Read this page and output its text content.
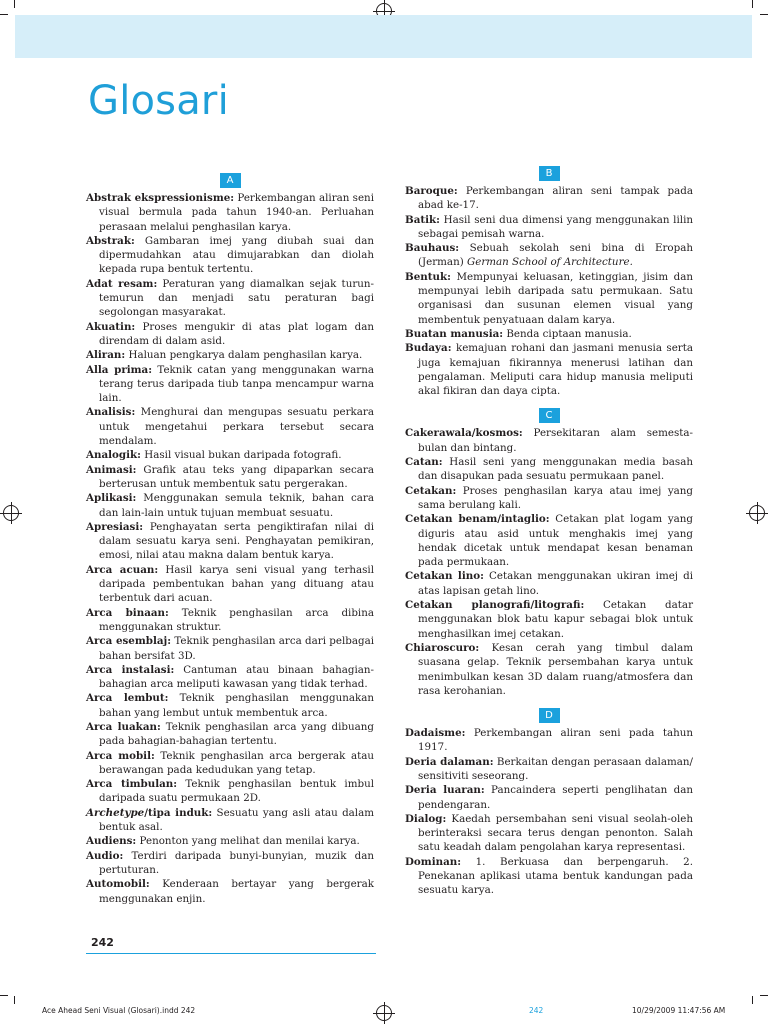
Glosari
A

Abstrak ekspressionisme: Perkembangan aliran seni visual bermula pada tahun 1940-an. Perluahan perasaan melalui penghasilan karya.

Abstrak: Gambaran imej yang diubah suai dan dipermudahkan atau dimujarabkan dan diolah kepada rupa bentuk tertentu.

Adat resam: Peraturan yang diamalkan sejak turun-temurun dan menjadi satu peraturan bagi segolongan masyarakat.

Akuatin: Proses mengukir di atas plat logam dan direndam di dalam asid.

Aliran: Haluan pengkarya dalam penghasilan karya.

Alla prima: Teknik catan yang menggunakan warna terang terus daripada tiub tanpa mencampur warna lain.

Analisis: Menghurai dan mengupas sesuatu perkara untuk mengetahui perkara tersebut secara mendalam.

Analogik: Hasil visual bukan daripada fotografi.

Animasi: Grafik atau teks yang dipaparkan secara berterusan untuk membentuk satu pergerakan.

Aplikasi: Menggunakan semula teknik, bahan cara dan lain-lain untuk tujuan membuat sesuatu.

Apresiasi: Penghayatan serta pengiktirafan nilai di dalam sesuatu karya seni. Penghayatan pemikiran, emosi, nilai atau makna dalam bentuk karya.

Arca acuan: Hasil karya seni visual yang terhasil daripada pembentukan bahan yang dituang atau terbentuk dari acuan.

Arca binaan: Teknik penghasilan arca dibina menggunakan struktur.

Arca esemblaj: Teknik penghasilan arca dari pelbagai bahan bersifat 3D.

Arca instalasi: Cantuman atau binaan bahagian-bahagian arca meliputi kawasan yang tidak terhad.

Arca lembut: Teknik penghasilan menggunakan bahan yang lembut untuk membentuk arca.

Arca luakan: Teknik penghasilan arca yang dibuang pada bahagian-bahagian tertentu.

Arca mobil: Teknik penghasilan arca bergerak atau berawangan pada kedudukan yang tetap.

Arca timbulan: Teknik penghasilan bentuk imbul daripada suatu permukaan 2D.

Archetype/tipa induk: Sesuatu yang asli atau dalam bentuk asal.

Audiens: Penonton yang melihat dan menilai karya.

Audio: Terdiri daripada bunyi-bunyian, muzik dan pertuturan.

Automobil: Kenderaan bertayar yang bergerak menggunakan enjin.

B

Baroque: Perkembangan aliran seni tampak pada abad ke-17.

Batik: Hasil seni dua dimensi yang menggunakan lilin sebagai pemisah warna.

Bauhaus: Sebuah sekolah seni bina di Eropah (Jerman) German School of Architecture.

Bentuk: Mempunyai keluasan, ketinggian, jisim dan mempunyai lebih daripada satu permukaan. Satu organisasi dan susunan elemen visual yang membentuk penyatuaan dalam karya.

Buatan manusia: Benda ciptaan manusia.

Budaya: kemajuan rohani dan jasmani menusia serta juga kemajuan fikirannya menerusi latihan dan pengalaman. Meliputi cara hidup manusia meliputi akal fikiran dan daya cipta.

C

Cakerawala/kosmos: Persekitaran alam semesta-bulan dan bintang.

Catan: Hasil seni yang menggunakan media basah dan disapukan pada sesuatu permukaan panel.

Cetakan: Proses penghasilan karya atau imej yang sama berulang kali.

Cetakan benam/intaglio: Cetakan plat logam yang diguris atau asid untuk menghakis imej yang hendak dicetak untuk mendapat kesan benaman pada permukaan.

Cetakan lino: Cetakan menggunakan ukiran imej di atas lapisan getah lino.

Cetakan planografi/litografi: Cetakan datar menggunakan blok batu kapur sebagai blok untuk menghasilkan imej cetakan.

Chiaroscuro: Kesan cerah yang timbul dalam suasana gelap. Teknik persembahan karya untuk menimbulkan kesan 3D dalam ruang/atmosfera dan rasa kerohanian.

D

Dadaisme: Perkembangan aliran seni pada tahun 1917.

Deria dalaman: Berkaitan dengan perasaan dalaman/ sensitiviti seseorang.

Deria luaran: Pancaindera seperti penglihatan dan pendengaran.

Dialog: Kaedah persembahan seni visual seolah-oleh berinteraksi secara terus dengan penonton. Salah satu keadah dalam pengolahan karya representasi.

Dominan: 1. Berkuasa dan berpengaruh. 2. Penekanan aplikasi utama bentuk kandungan pada sesuatu karya.

242
Ace Ahead Seni Visual (Glosari).indd 242	242	10/29/2009 11:47:56 AM
